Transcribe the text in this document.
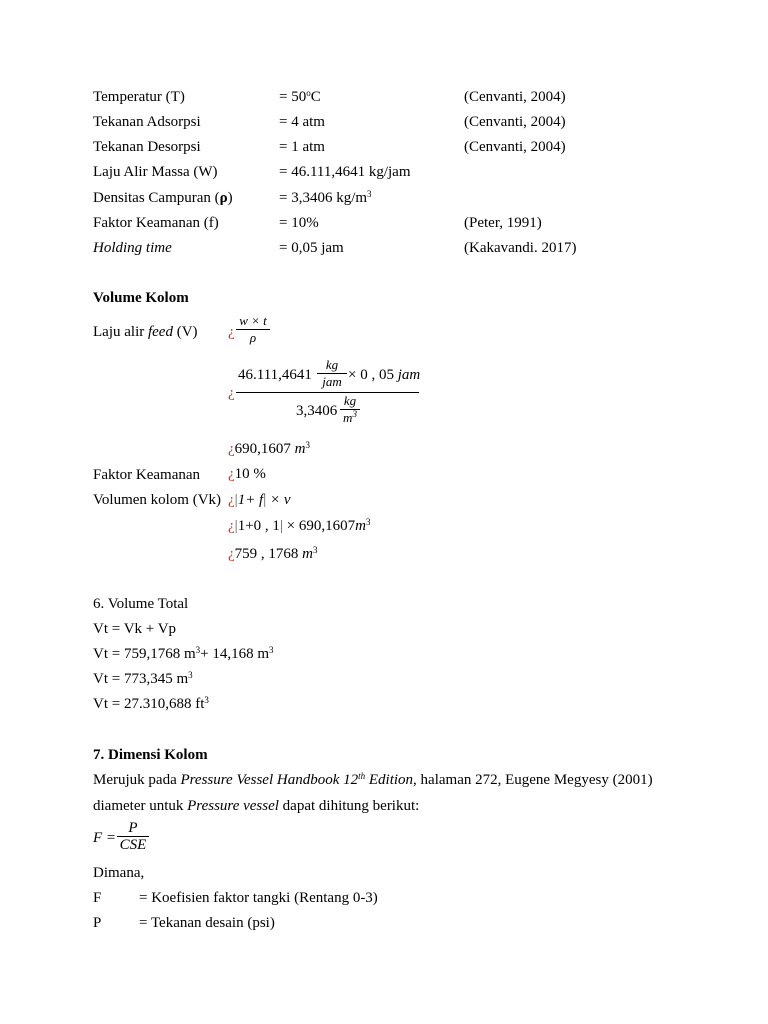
Temperatur (T)	= $50^oC$	(Cenvanti, 2004)
Tekanan Adsorpsi	= 4 atm	(Cenvanti, 2004)
Tekanan Desorpsi	= 1 atm	(Cenvanti, 2004)
Laju Alir Massa (W)	= 46.111,4641 kg/jam
Densitas Campuran (ρ)	= 3,3406 $kg/m^3$
Faktor Keamanan (f)	= 10%	(Peter, 1991)
Holding time	= 0,05 jam	(Kakavandi. 2017)
Volume Kolom
Laju alir feed (V) ¿ $\frac{w \times t}{\rho}$
¿
46.111,4641
kg
jam × 0 , 05 jam
$3,3406 \frac{kg}{m^3}$
¿690,1607 $m^3$
Faktor Keamanan ¿10 %
Volumen kolom (Vk) ¿|1+ f| × v
¿|1+0 , $1| \times 690,1607m^3$
¿759 , 1768 $m^3$
6. Volume Total
Vt = Vk + Vp
Vt = 759,1768 $m^3+ 14,168$ $m^3$
Vt = 773,345 $m^3$
Vt = 27.310,688 $ft^3$
7. Dimensi Kolom
Merujuk pada Pressure Vessel Handbook 12th Edition, halaman 272, Eugene Megyesy (2001)
diameter untuk Pressure vessel dapat dihitung berikut:
F =
P
CSE
Dimana,
F	= Koefisien faktor tangki (Rentang 0-3)
P	= Tekanan desain (psi)
